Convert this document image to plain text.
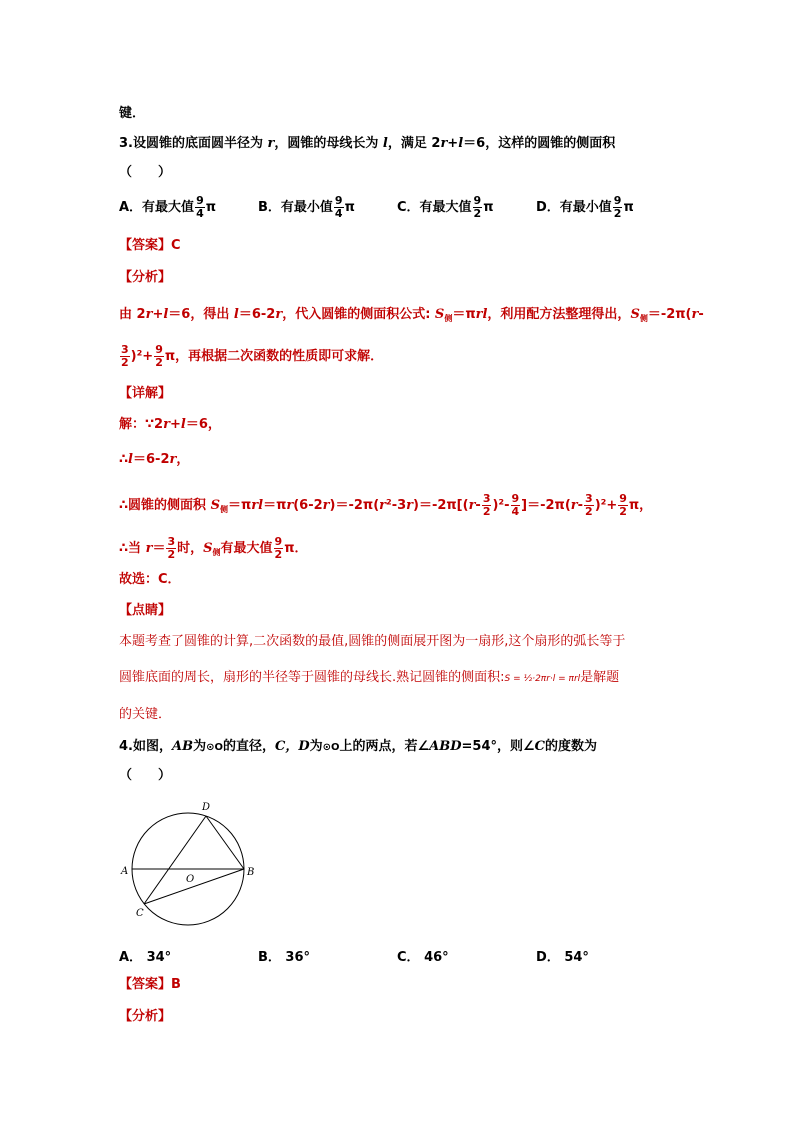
键．
3.设圆锥的底面圆半径为 r，圆锥的母线长为 l，满足 2r+l＝6，这样的圆锥的侧面积
（　　）
A．有最大值 $\frac{9}{4}$ π	B．有最小值 $\frac{9}{4}$ π	C．有最大值 $\frac{9}{2}$ π	D．有最小值 $\frac{9}{2}$ π
【答案】C
【分析】
由 2r+l＝6，得出 l＝6-2r，代入圆锥的侧面积公式: $S_侧=\pi rl$，利用配方法整理得出，$S_侧=-2\pi(r-$
$\frac{3}{2} )^2+ \frac{9}{2}$ π，再根据二次函数的性质即可求解．
【详解】
解：∵2r+l＝6，
∴l＝6-2r，
∴圆锥的侧面积 $S_侧=\pi rl=\pi r(6-2r)=-2\pi(r^2-3r)=-2\pi[(r- \frac{3}{2} )^2- \frac{9}{4} ]=-2\pi(r- \frac{3}{2} )^2+ \frac{9}{2}$ π，
∴当 $r= \frac{3}{2}$ 时，$S_侧$有最大值 $\frac{9}{2}$ π．
故选：C．
【点睛】
本题考查了圆锥的计算,二次函数的最值,圆锥的侧面展开图为一扇形,这个扇形的弧长等于
圆锥底面的周长，扇形的半径等于圆锥的母线长.熟记圆锥的侧面积:S = ½·2πr·l = πrl是解题
的关键．
4.如图，AB为⊙O的直径，C，D为⊙O上的两点，若∠ABD=54°，则∠C的度数为
（　　）
A	B
C
D
O
A． 34°	B． 36°	C． 46°	D． 54°
【答案】B
【分析】
